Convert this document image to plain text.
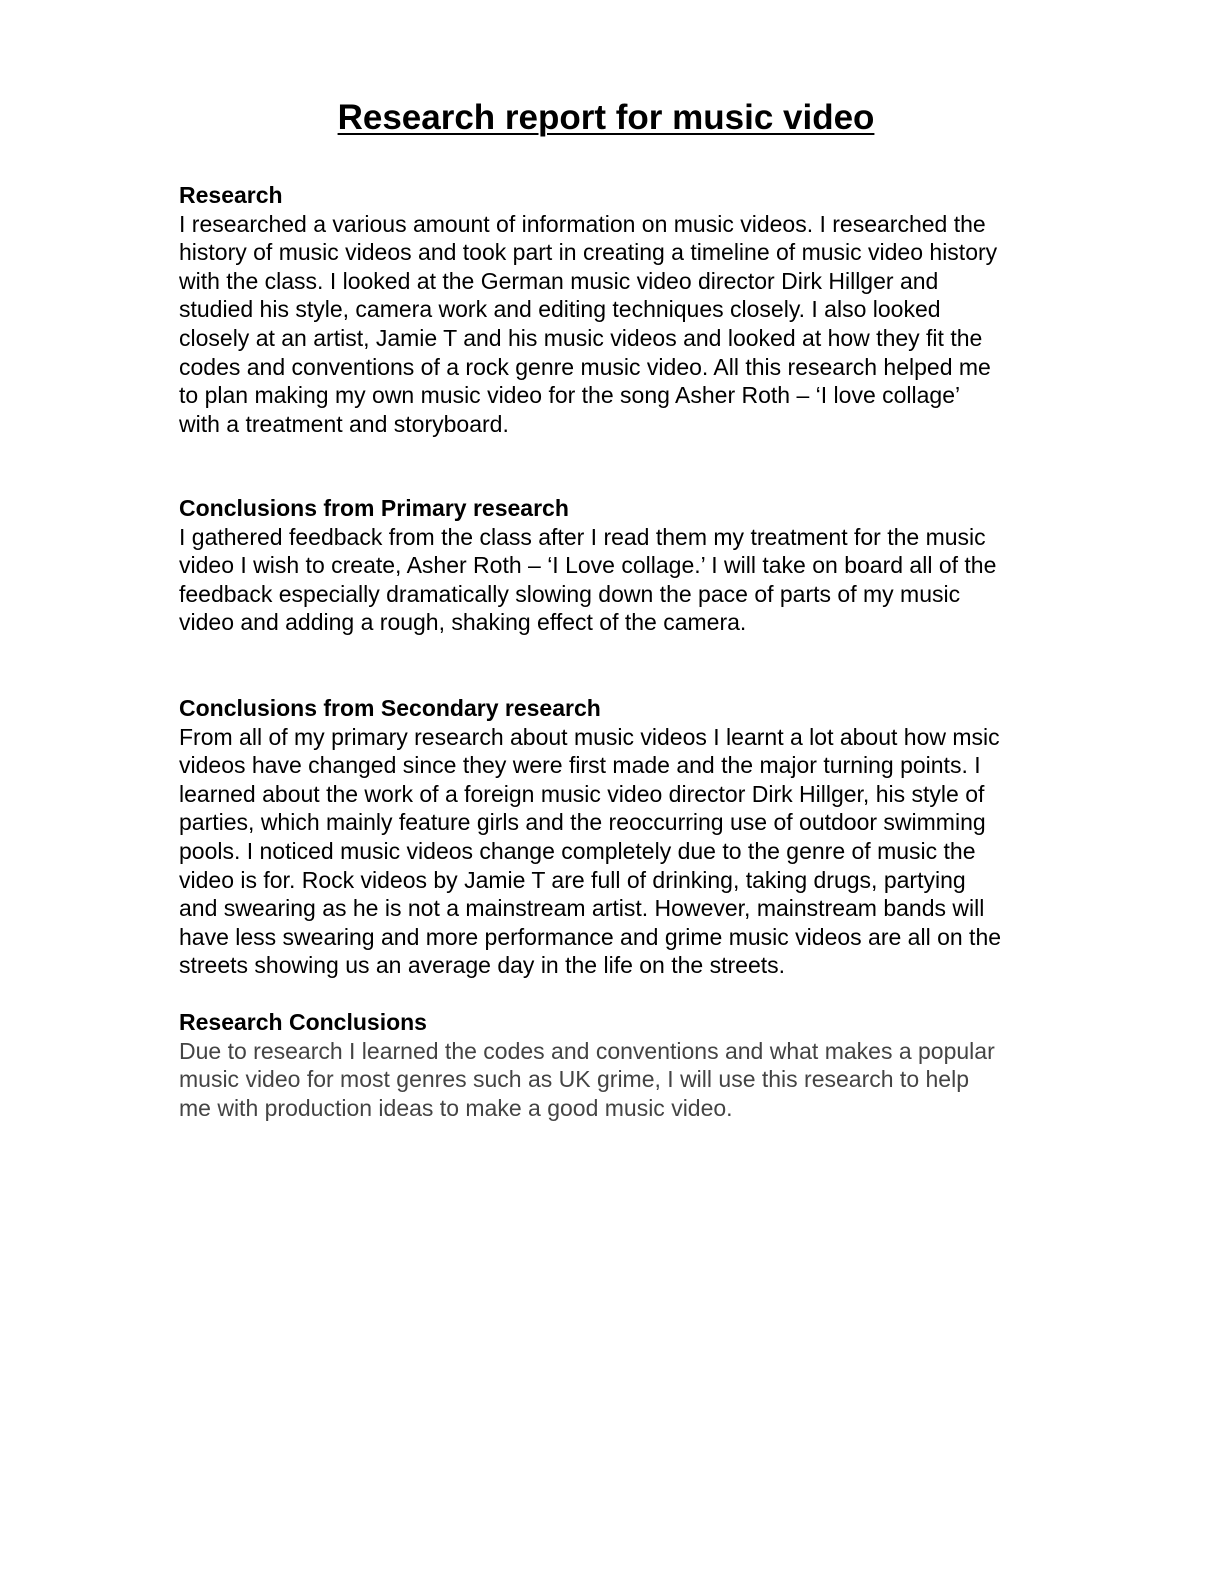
Research report for music video
Research
I researched a various amount of information on music videos. I researched the
history of music videos and took part in creating a timeline of music video history
with the class. I looked at the German music video director Dirk Hillger and
studied his style, camera work and editing techniques closely. I also looked
closely at an artist, Jamie T and his music videos and looked at how they fit the
codes and conventions of a rock genre music video. All this research helped me
to plan making my own music video for the song Asher Roth – ‘I love collage’
with a treatment and storyboard.
Conclusions from Primary research
I gathered feedback from the class after I read them my treatment for the music
video I wish to create, Asher Roth – ‘I Love collage.’ I will take on board all of the
feedback especially dramatically slowing down the pace of parts of my music
video and adding a rough, shaking effect of the camera.
Conclusions from Secondary research
From all of my primary research about music videos I learnt a lot about how msic
videos have changed since they were first made and the major turning points. I
learned about the work of a foreign music video director Dirk Hillger, his style of
parties, which mainly feature girls and the reoccurring use of outdoor swimming
pools. I noticed music videos change completely due to the genre of music the
video is for. Rock videos by Jamie T are full of drinking, taking drugs, partying
and swearing as he is not a mainstream artist. However, mainstream bands will
have less swearing and more performance and grime music videos are all on the
streets showing us an average day in the life on the streets.
Research Conclusions
Due to research I learned the codes and conventions and what makes a popular
music video for most genres such as UK grime, I will use this research to help
me with production ideas to make a good music video.
